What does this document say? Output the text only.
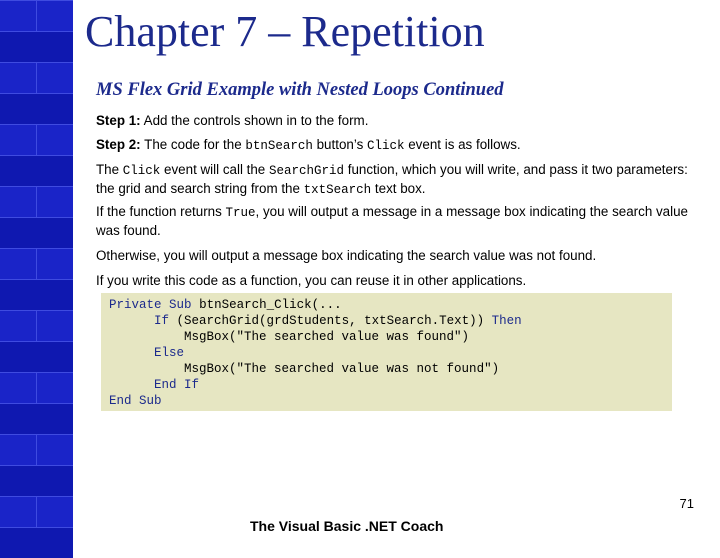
Chapter 7 – Repetition
MS Flex Grid Example with Nested Loops Continued

Step 1: Add the controls shown in to the form.

Step 2: The code for the btnSearch button’s Click event is as follows.

The Click event will call the SearchGrid function, which you will write, and pass it two parameters: the grid and search string from the txtSearch text box.

If the function returns True, you will output a message in a message box indicating the search value was found.

Otherwise, you will output a message box indicating the search value was not found.

If you write this code as a function, you can reuse it in other applications.

Private Sub btnSearch_Click(...
If (SearchGrid(grdStudents, txtSearch.Text)) Then
MsgBox("The searched value was found")
Else
MsgBox("The searched value was not found")
End If
End Sub
71
The Visual Basic .NET Coach
